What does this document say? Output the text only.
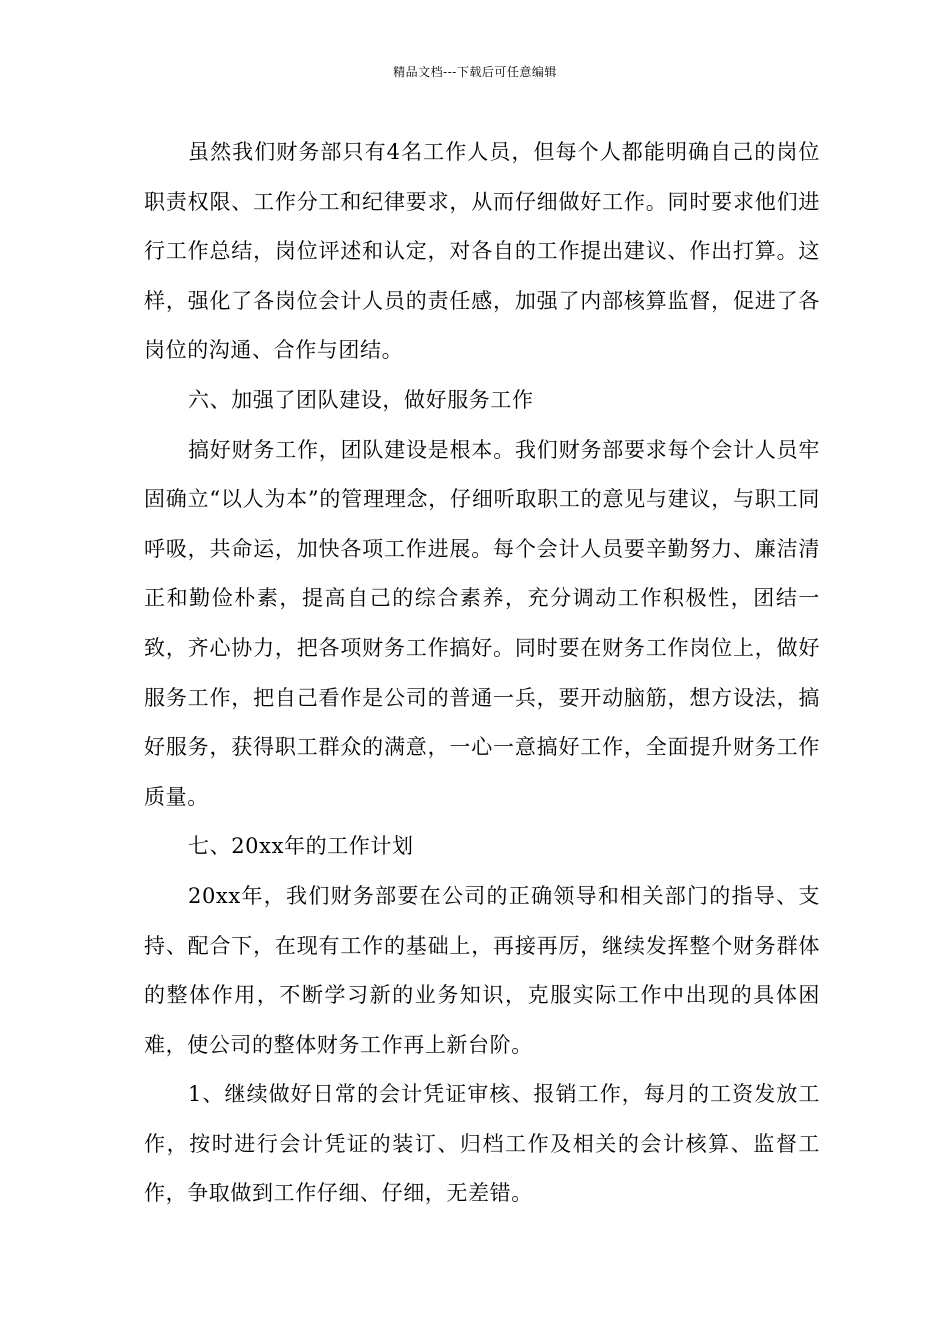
精品文档---下载后可任意编辑

虽然我们财务部只有4名工作人员，但每个人都能明确自己的岗位职责权限、工作分工和纪律要求，从而仔细做好工作。同时要求他们进行工作总结，岗位评述和认定，对各自的工作提出建议、作出打算。这样，强化了各岗位会计人员的责任感，加强了内部核算监督，促进了各岗位的沟通、合作与团结。

六、加强了团队建设，做好服务工作

搞好财务工作，团队建设是根本。我们财务部要求每个会计人员牢固确立“以人为本”的管理理念，仔细听取职工的意见与建议，与职工同呼吸，共命运，加快各项工作进展。每个会计人员要辛勤努力、廉洁清正和勤俭朴素，提高自己的综合素养，充分调动工作积极性，团结一致，齐心协力，把各项财务工作搞好。同时要在财务工作岗位上，做好服务工作，把自己看作是公司的普通一兵，要开动脑筋，想方设法，搞好服务，获得职工群众的满意，一心一意搞好工作，全面提升财务工作质量。

七、20xx年的工作计划

20xx年，我们财务部要在公司的正确领导和相关部门的指导、支持、配合下，在现有工作的基础上，再接再厉，继续发挥整个财务群体的整体作用，不断学习新的业务知识，克服实际工作中出现的具体困难，使公司的整体财务工作再上新台阶。

1、继续做好日常的会计凭证审核、报销工作，每月的工资发放工作，按时进行会计凭证的装订、归档工作及相关的会计核算、监督工作，争取做到工作仔细、仔细，无差错。
